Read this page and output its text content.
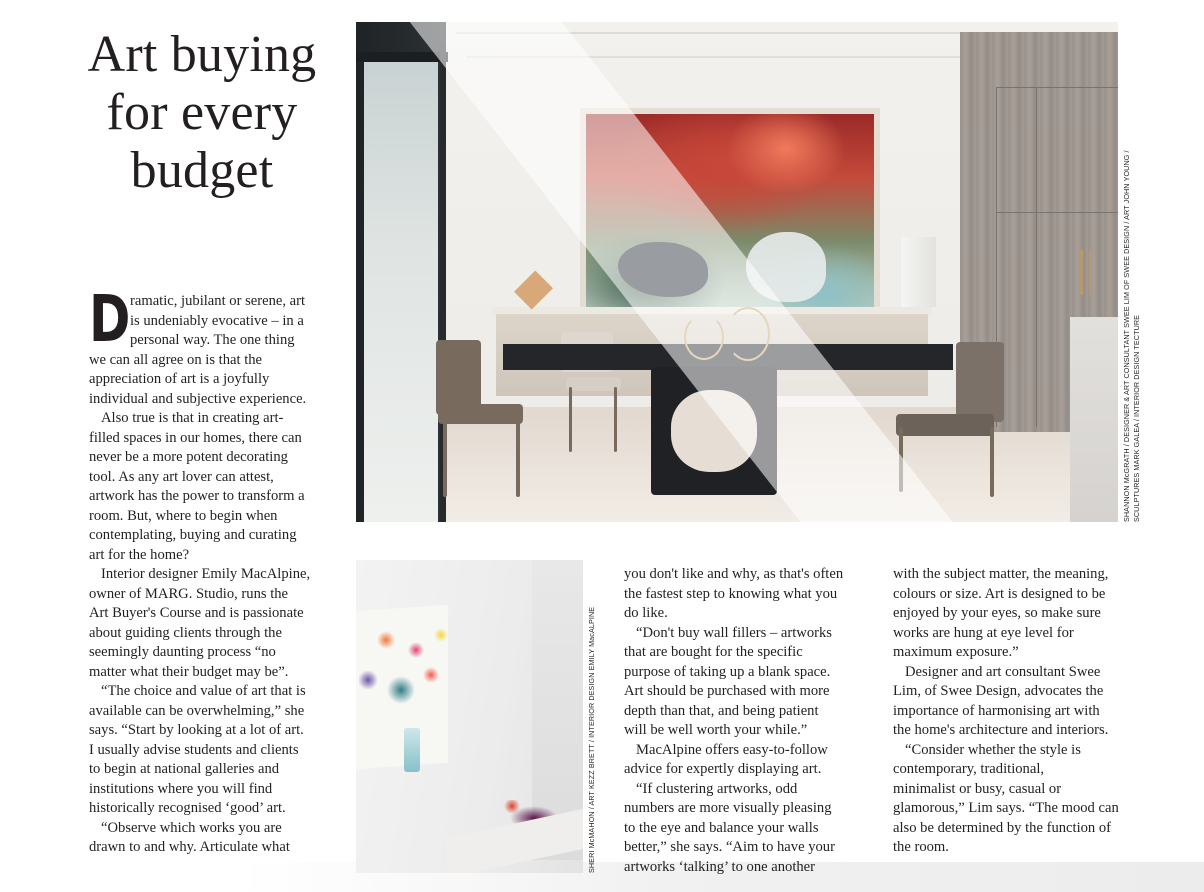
Art buying for every budget

D ramatic, jubilant or serene, art
is undeniably evocative – in a
personal way. The one thing
we can all agree on is that the
appreciation of art is a joyfully
individual and subjective experience.

Also true is that in creating art-
filled spaces in our homes, there can
never be a more potent decorating
tool. As any art lover can attest,
artwork has the power to transform a
room. But, where to begin when
contemplating, buying and curating
art for the home?

Interior designer Emily MacAlpine,
owner of MARG. Studio, runs the
Art Buyer's Course and is passionate
about guiding clients through the
seemingly daunting process “no
matter what their budget may be”.

“The choice and value of art that is
available can be overwhelming,” she
says. “Start by looking at a lot of art.
I usually advise students and clients
to begin at national galleries and
institutions where you will find
historically recognised ‘good’ art.

“Observe which works you are
drawn to and why. Articulate what

you don't like and why, as that's often
the fastest step to knowing what you
do like.

“Don't buy wall fillers – artworks
that are bought for the specific
purpose of taking up a blank space.
Art should be purchased with more
depth than that, and being patient
will be well worth your while.”

MacAlpine offers easy-to-follow
advice for expertly displaying art.

“If clustering artworks, odd
numbers are more visually pleasing
to the eye and balance your walls
better,” she says. “Aim to have your
artworks ‘talking’ to one another

with the subject matter, the meaning,
colours or size. Art is designed to be
enjoyed by your eyes, so make sure
works are hung at eye level for
maximum exposure.”

Designer and art consultant Swee
Lim, of Swee Design, advocates the
importance of harmonising art with
the home's architecture and interiors.

“Consider whether the style is
contemporary, traditional,
minimalist or busy, casual or
glamorous,” Lim says. “The mood can
also be determined by the function of
the room.

SHANNON McGRATH / DESIGNER & ART CONSULTANT SWEE LIM OF SWEE DESIGN / ART JOHN YOUNG / SCULPTURES MARK GALEA / INTERIOR DESIGN TECTURE
SHERI McMAHON / ART KEZZ BRETT / INTERIOR DESIGN EMILY MacALPINE
